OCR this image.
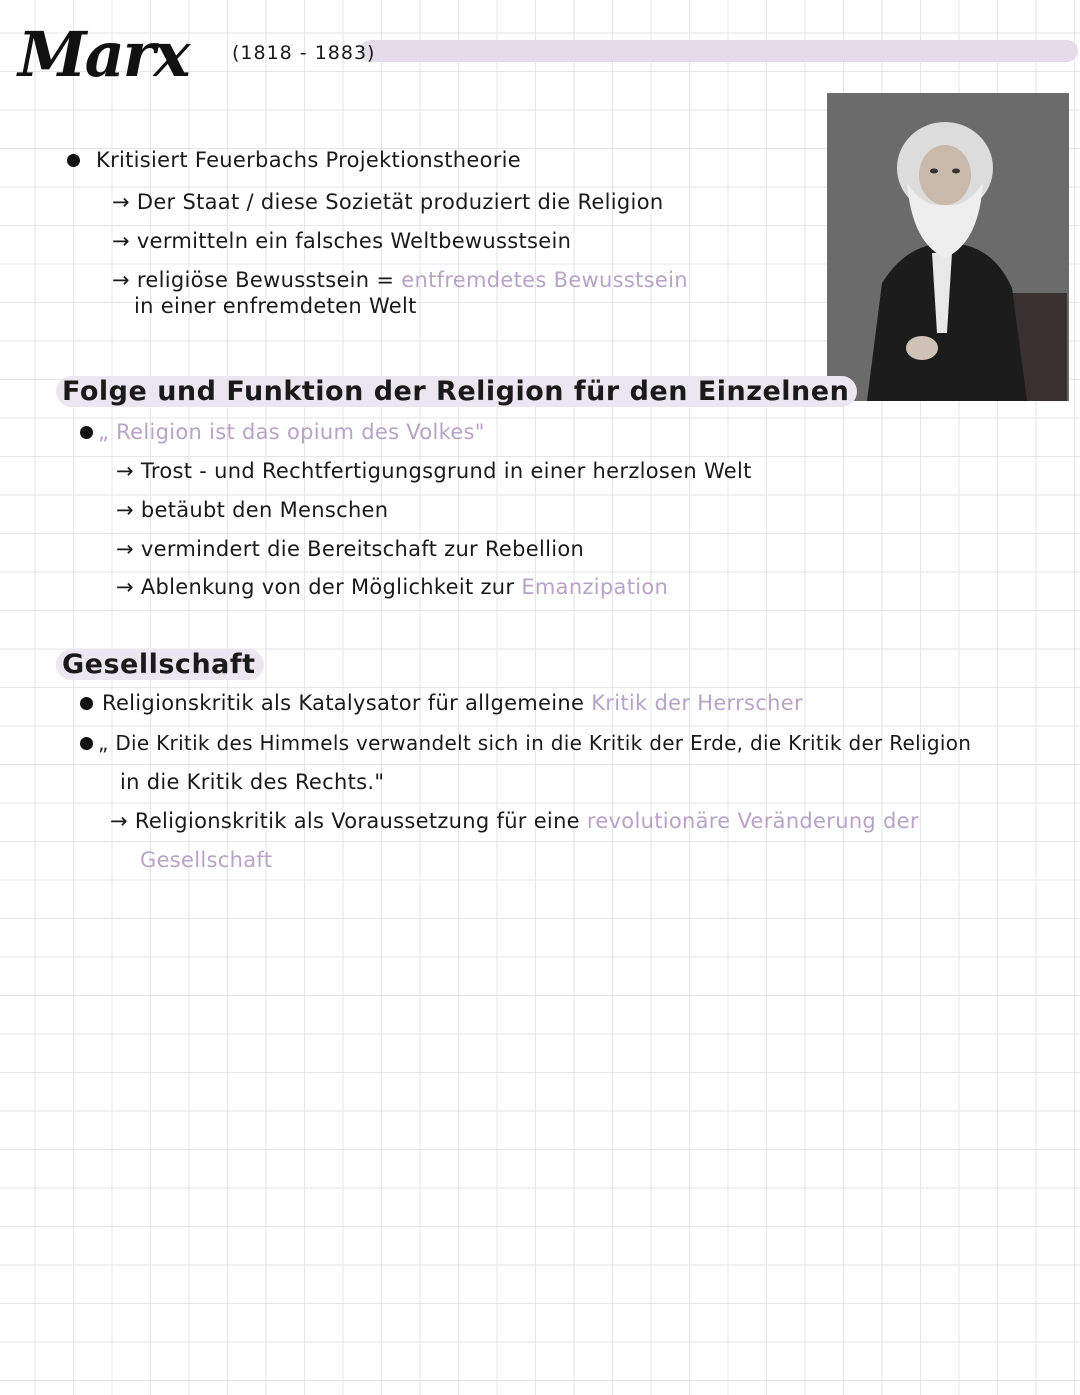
Marx (1818 - 1883)
Kritisiert Feuerbachs Projektionstheorie
→ Der Staat / diese Sozietät produziert die Religion
→ vermitteln ein falsches Weltbewusstsein
→ religiöse Bewusstsein = entfremdetes Bewusstsein
in einer enfremdeten Welt
Folge und Funktion der Religion für den Einzelnen
„ Religion ist das opium des Volkes"
→ Trost - und Rechtfertigungsgrund in einer herzlosen Welt
→ betäubt den Menschen
→ vermindert die Bereitschaft zur Rebellion
→ Ablenkung von der Möglichkeit zur Emanzipation
Gesellschaft
Religionskritik als Katalysator für allgemeine Kritik der Herrscher
„ Die Kritik des Himmels verwandelt sich in die Kritik der Erde, die Kritik der Religion
in die Kritik des Rechts."
→ Religionskritik als Voraussetzung für eine revolutionäre Veränderung der
Gesellschaft
